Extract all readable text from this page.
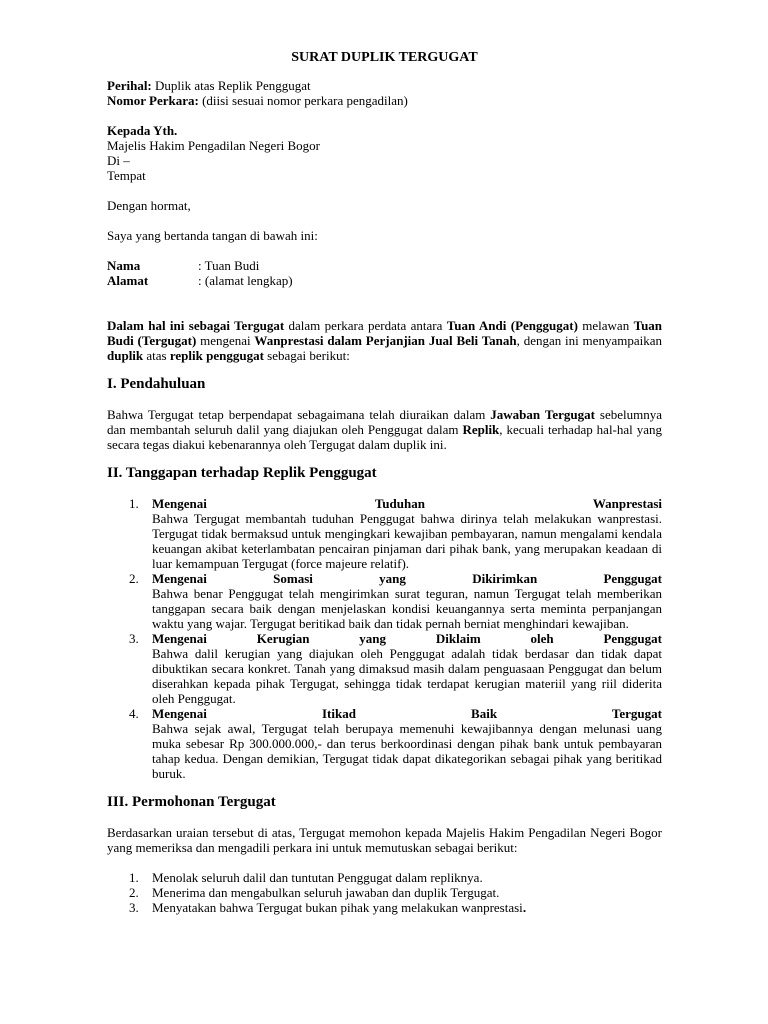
SURAT DUPLIK TERGUGAT

Perihal: Duplik atas Replik Penggugat

Nomor Perkara: (diisi sesuai nomor perkara pengadilan)

Kepada Yth.

Majelis Hakim Pengadilan Negeri Bogor

Di –

Tempat

Dengan hormat,

Saya yang bertanda tangan di bawah ini:

Nama	: Tuan Budi
Alamat	: (alamat lengkap)

Dalam hal ini sebagai Tergugat dalam perkara perdata antara Tuan Andi (Penggugat) melawan Tuan Budi (Tergugat) mengenai Wanprestasi dalam Perjanjian Jual Beli Tanah, dengan ini menyampaikan duplik atas replik penggugat sebagai berikut:

I. Pendahuluan

Bahwa Tergugat tetap berpendapat sebagaimana telah diuraikan dalam Jawaban Tergugat sebelumnya dan membantah seluruh dalil yang diajukan oleh Penggugat dalam Replik, kecuali terhadap hal-hal yang secara tegas diakui kebenarannya oleh Tergugat dalam duplik ini.

II. Tanggapan terhadap Replik Penggugat
1. Mengenai Tuduhan Wanprestasi
Bahwa Tergugat membantah tuduhan Penggugat bahwa dirinya telah melakukan wanprestasi. Tergugat tidak bermaksud untuk mengingkari kewajiban pembayaran, namun mengalami kendala keuangan akibat keterlambatan pencairan pinjaman dari pihak bank, yang merupakan keadaan di luar kemampuan Tergugat (force majeure relatif).
2. Mengenai Somasi yang Dikirimkan Penggugat
Bahwa benar Penggugat telah mengirimkan surat teguran, namun Tergugat telah memberikan tanggapan secara baik dengan menjelaskan kondisi keuangannya serta meminta perpanjangan waktu yang wajar. Tergugat beritikad baik dan tidak pernah berniat menghindari kewajiban.
3. Mengenai Kerugian yang Diklaim oleh Penggugat
Bahwa dalil kerugian yang diajukan oleh Penggugat adalah tidak berdasar dan tidak dapat dibuktikan secara konkret. Tanah yang dimaksud masih dalam penguasaan Penggugat dan belum diserahkan kepada pihak Tergugat, sehingga tidak terdapat kerugian materiil yang riil diderita oleh Penggugat.
4. Mengenai Itikad Baik Tergugat
Bahwa sejak awal, Tergugat telah berupaya memenuhi kewajibannya dengan melunasi uang muka sebesar Rp 300.000.000,- dan terus berkoordinasi dengan pihak bank untuk pembayaran tahap kedua. Dengan demikian, Tergugat tidak dapat dikategorikan sebagai pihak yang beritikad buruk.
III. Permohonan Tergugat

Berdasarkan uraian tersebut di atas, Tergugat memohon kepada Majelis Hakim Pengadilan Negeri Bogor yang memeriksa dan mengadili perkara ini untuk memutuskan sebagai berikut:

1. Menolak seluruh dalil dan tuntutan Penggugat dalam repliknya.
2. Menerima dan mengabulkan seluruh jawaban dan duplik Tergugat.
3. Menyatakan bahwa Tergugat bukan pihak yang melakukan wanprestasi.
